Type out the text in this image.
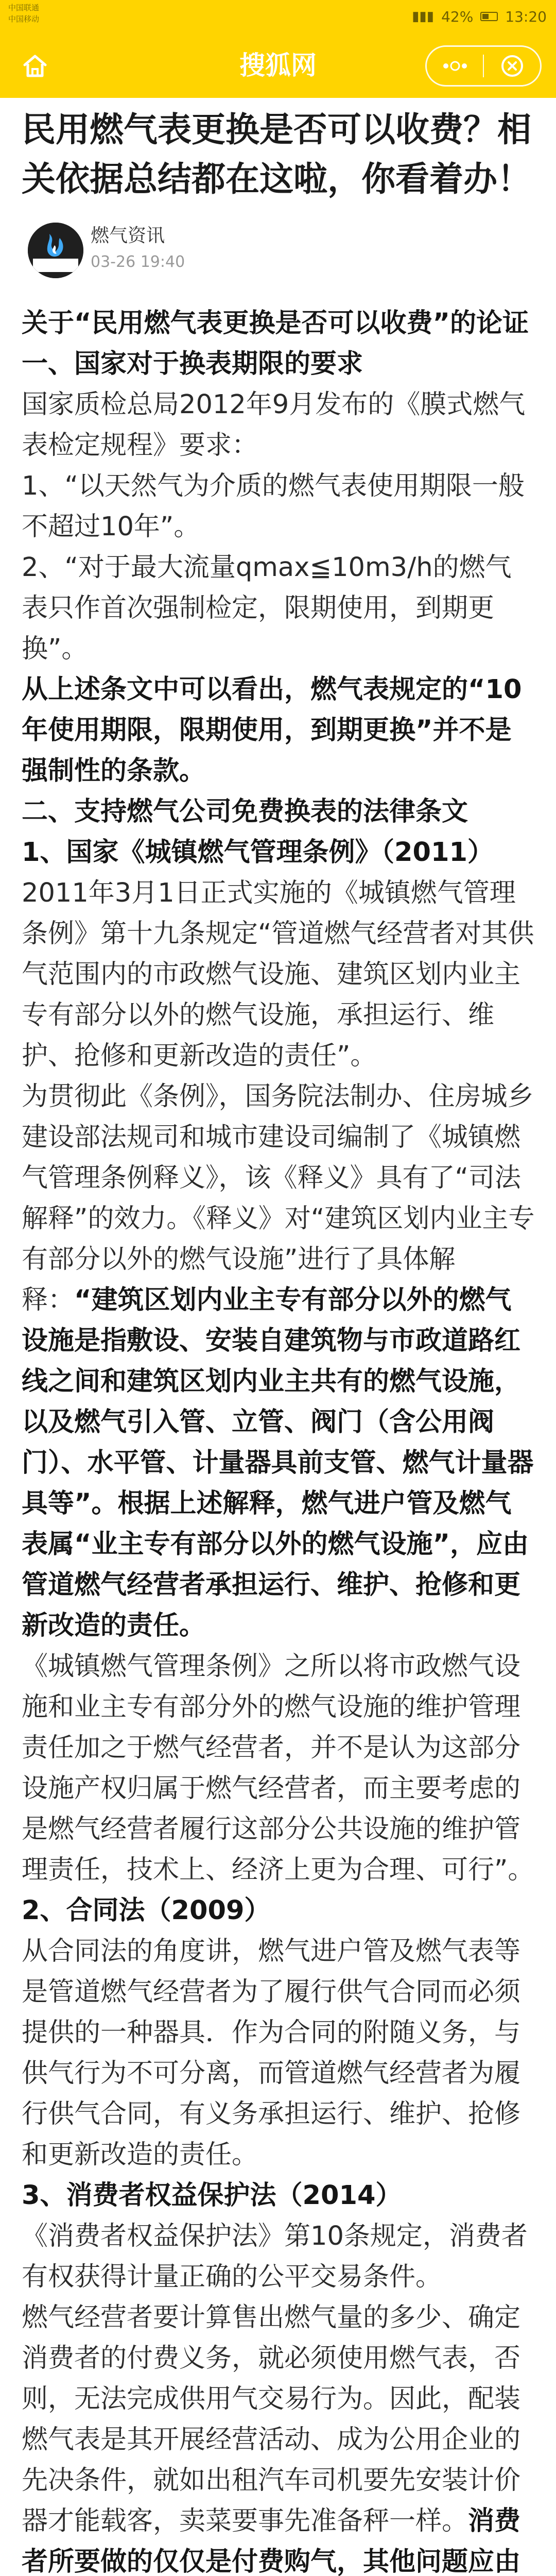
中国联通
中国移动	▮▮▮ 42% 13:20
搜狐网
民用燃气表更换是否可以收费？相关依据总结都在这啦，你看着办！
燃气资讯
03-26 19:40

关于“民用燃气表更换是否可以收费”的论证

一、国家对于换表期限的要求

国家质检总局2012年9月发布的《膜式燃气表检定规程》要求：

1、“以天然气为介质的燃气表使用期限一般不超过10年”。

2、“对于最大流量qmax≦10m3/h的燃气表只作首次强制检定，限期使用，到期更换”。

从上述条文中可以看出，燃气表规定的“10年使用期限，限期使用，到期更换”并不是强制性的条款。

二、支持燃气公司免费换表的法律条文

1、国家《城镇燃气管理条例》（2011）

2011年3月1日正式实施的《城镇燃气管理条例》第十九条规定“管道燃气经营者对其供气范围内的市政燃气设施、建筑区划内业主专有部分以外的燃气设施，承担运行、维护、抢修和更新改造的责任”。

为贯彻此《条例》，国务院法制办、住房城乡建设部法规司和城市建设司编制了《城镇燃气管理条例释义》，该《释义》具有了“司法解释”的效力。《释义》对“建筑区划内业主专有部分以外的燃气设施”进行了具体解释：“建筑区划内业主专有部分以外的燃气设施是指敷设、安装自建筑物与市政道路红线之间和建筑区划内业主共有的燃气设施，以及燃气引入管、立管、阀门（含公用阀门）、水平管、计量器具前支管、燃气计量器具等”。根据上述解释，燃气进户管及燃气表属“业主专有部分以外的燃气设施”，应由管道燃气经营者承担运行、维护、抢修和更新改造的责任。

《城镇燃气管理条例》之所以将市政燃气设施和业主专有部分外的燃气设施的维护管理责任加之于燃气经营者，并不是认为这部分设施产权归属于燃气经营者，而主要考虑的是燃气经营者履行这部分公共设施的维护管理责任，技术上、经济上更为合理、可行”。

2、合同法（2009）

从合同法的角度讲，燃气进户管及燃气表等是管道燃气经营者为了履行供气合同而必须提供的一种器具．作为合同的附随义务，与供气行为不可分离，而管道燃气经营者为履行供气合同，有义务承担运行、维护、抢修和更新改造的责任。

3、消费者权益保护法（2014）

《消费者权益保护法》第10条规定，消费者有权获得计量正确的公平交易条件。

燃气经营者要计算售出燃气量的多少、确定消费者的付费义务，就必须使用燃气表，否则，无法完成供用气交易行为。因此，配装燃气表是其开展经营活动、成为公用企业的先决条件，就如出租汽车司机要先安装计价器才能载客，卖菜要事先准备秤一样。消费者所要做的仅仅是付费购气，其他问题应由
